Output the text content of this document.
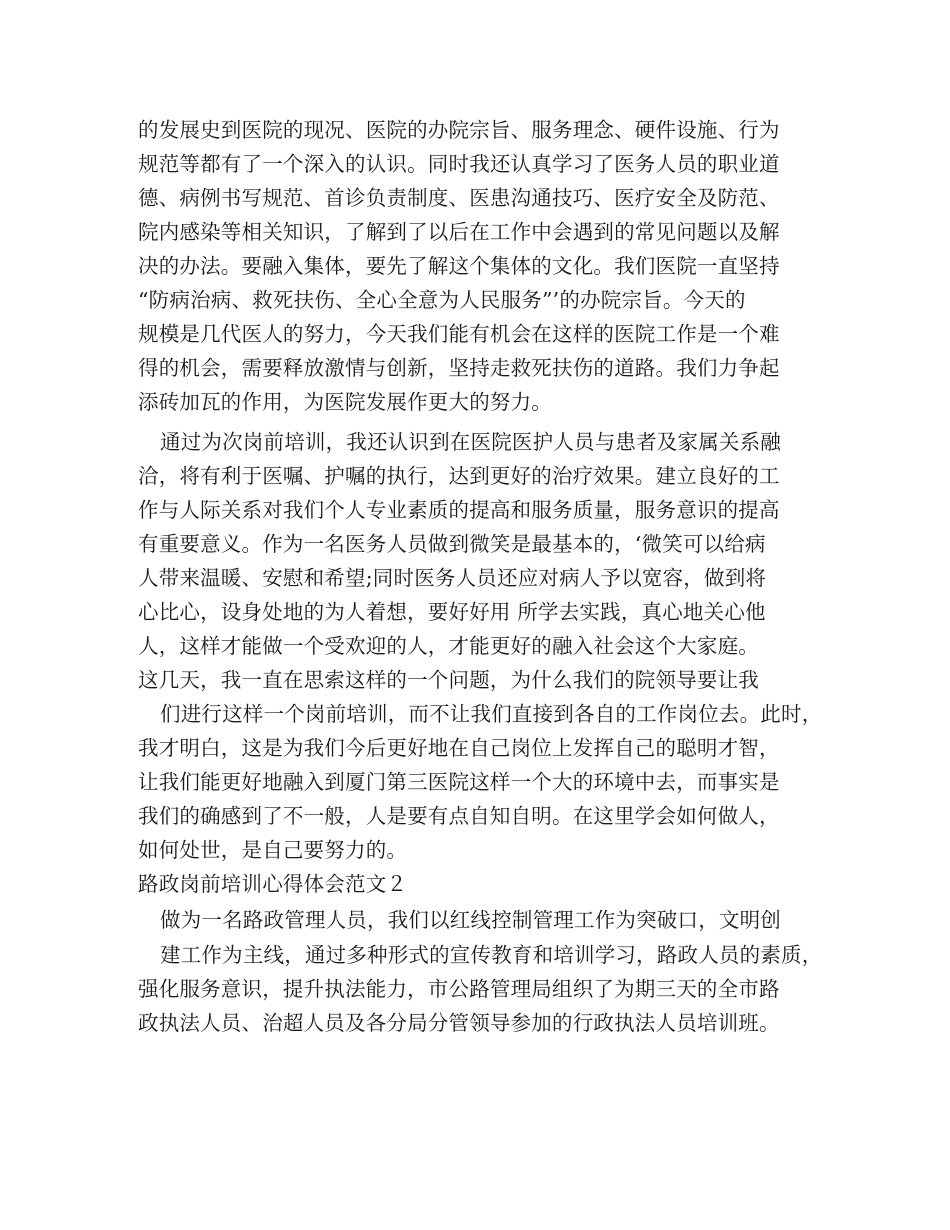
的发展史到医院的现况、医院的办院宗旨、服务理念、硬件设施、行为
规范等都有了一个深入的认识。同时我还认真学习了医务人员的职业道
德、病例书写规范、首诊负责制度、医患沟通技巧、医疗安全及防范、
院内感染等相关知识，了解到了以后在工作中会遇到的常见问题以及解
决的办法。要融入集体，要先了解这个集体的文化。我们医院一直坚持
“防病治病、救死扶伤、全心全意为人民服务”’的办院宗旨。今天的
规模是几代医人的努力，今天我们能有机会在这样的医院工作是一个难
得的机会，需要释放激情与创新，坚持走救死扶伤的道路。我们力争起
添砖加瓦的作用，为医院发展作更大的努力。
通过为次岗前培训，我还认识到在医院医护人员与患者及家属关系融
洽，将有利于医嘱、护嘱的执行，达到更好的治疗效果。建立良好的工
作与人际关系对我们个人专业素质的提高和服务质量，服务意识的提高
有重要意义。作为一名医务人员做到微笑是最基本的，‘微笑可以给病
人带来温暖、安慰和希望;同时医务人员还应对病人予以宽容，做到将
心比心，设身处地的为人着想，要好好用 所学去实践，真心地关心他
人，这样才能做一个受欢迎的人，才能更好的融入社会这个大家庭。
这几天，我一直在思索这样的一个问题，为什么我们的院领导要让我
们进行这样一个岗前培训，而不让我们直接到各自的工作岗位去。此时，
我才明白，这是为我们今后更好地在自己岗位上发挥自己的聪明才智，
让我们能更好地融入到厦门第三医院这样一个大的环境中去，而事实是
我们的确感到了不一般，人是要有点自知自明。在这里学会如何做人，
如何处世，是自己要努力的。
路政岗前培训心得体会范文２
做为一名路政管理人员，我们以红线控制管理工作为突破口，文明创
建工作为主线，通过多种形式的宣传教育和培训学习，路政人员的素质，
强化服务意识，提升执法能力，市公路管理局组织了为期三天的全市路
政执法人员、治超人员及各分局分管领导参加的行政执法人员培训班。
